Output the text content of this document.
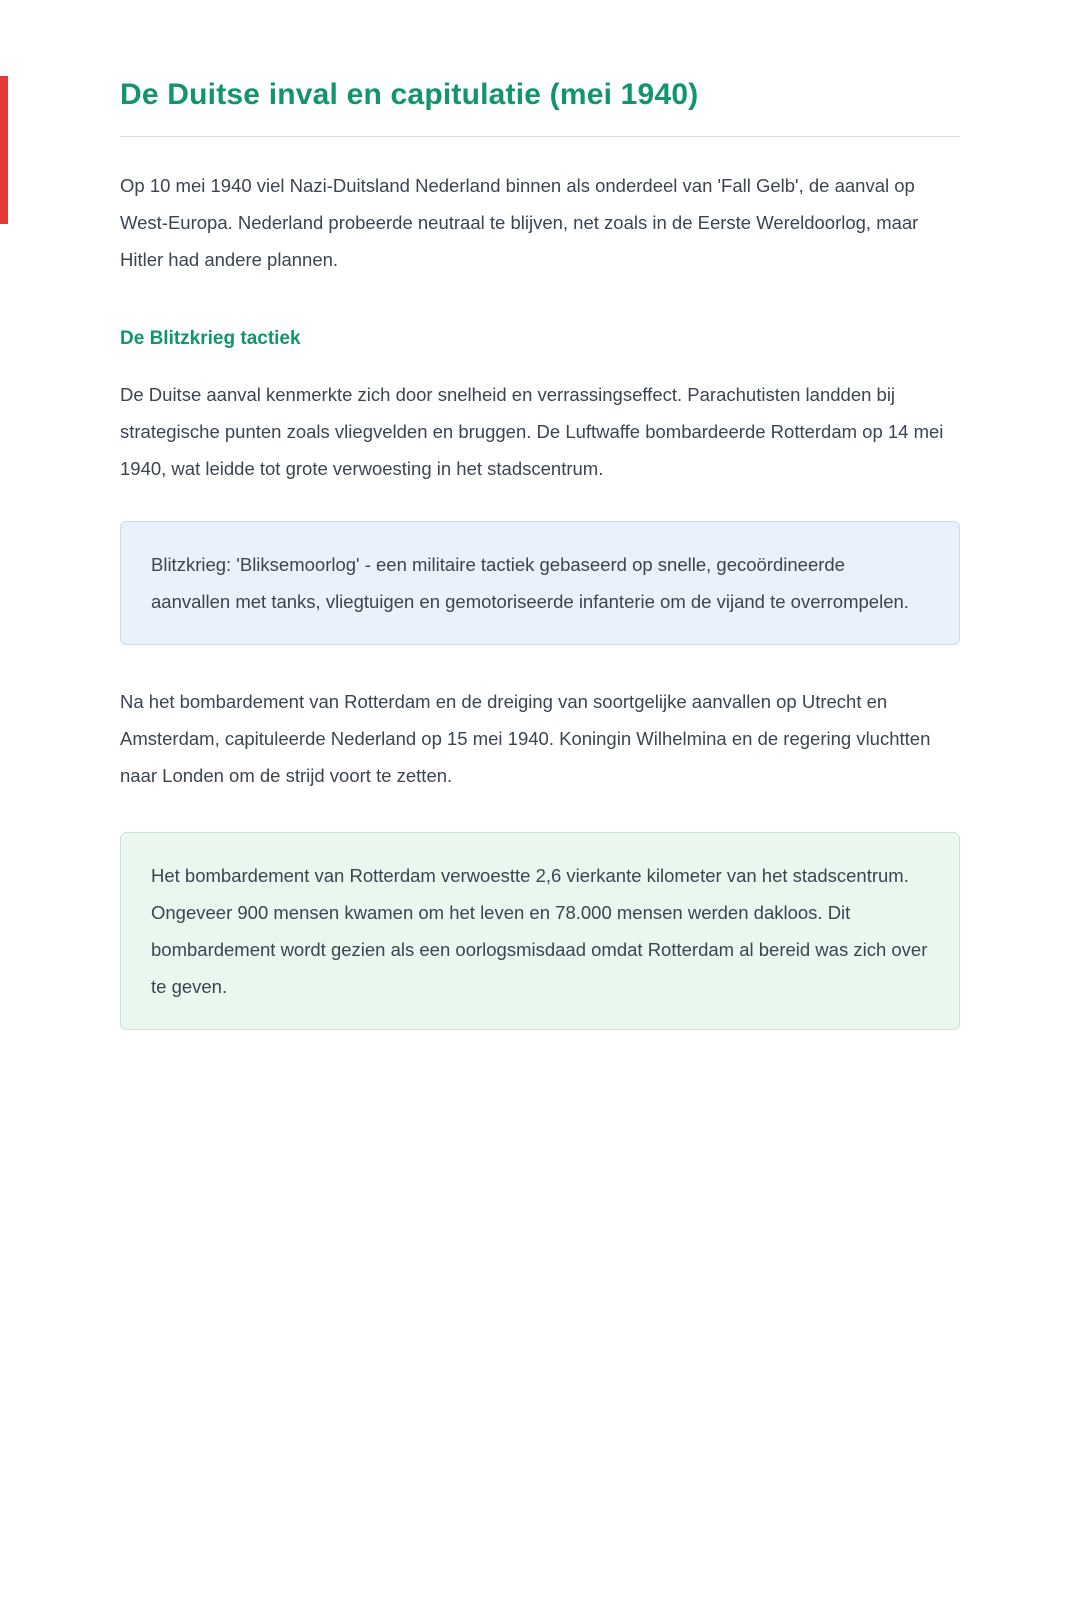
De Duitse inval en capitulatie (mei 1940)

Op 10 mei 1940 viel Nazi-Duitsland Nederland binnen als onderdeel van 'Fall Gelb', de aanval op West-Europa. Nederland probeerde neutraal te blijven, net zoals in de Eerste Wereldoorlog, maar Hitler had andere plannen.

De Blitzkrieg tactiek

De Duitse aanval kenmerkte zich door snelheid en verrassingseffect. Parachutisten landden bij strategische punten zoals vliegvelden en bruggen. De Luftwaffe bombardeerde Rotterdam op 14 mei 1940, wat leidde tot grote verwoesting in het stadscentrum.

Blitzkrieg: 'Bliksemoorlog' - een militaire tactiek gebaseerd op snelle, gecoördineerde aanvallen met tanks, vliegtuigen en gemotoriseerde infanterie om de vijand te overrompelen.

Na het bombardement van Rotterdam en de dreiging van soortgelijke aanvallen op Utrecht en Amsterdam, capituleerde Nederland op 15 mei 1940. Koningin Wilhelmina en de regering vluchtten naar Londen om de strijd voort te zetten.

Het bombardement van Rotterdam verwoestte 2,6 vierkante kilometer van het stadscentrum. Ongeveer 900 mensen kwamen om het leven en 78.000 mensen werden dakloos. Dit bombardement wordt gezien als een oorlogsmisdaad omdat Rotterdam al bereid was zich over te geven.
